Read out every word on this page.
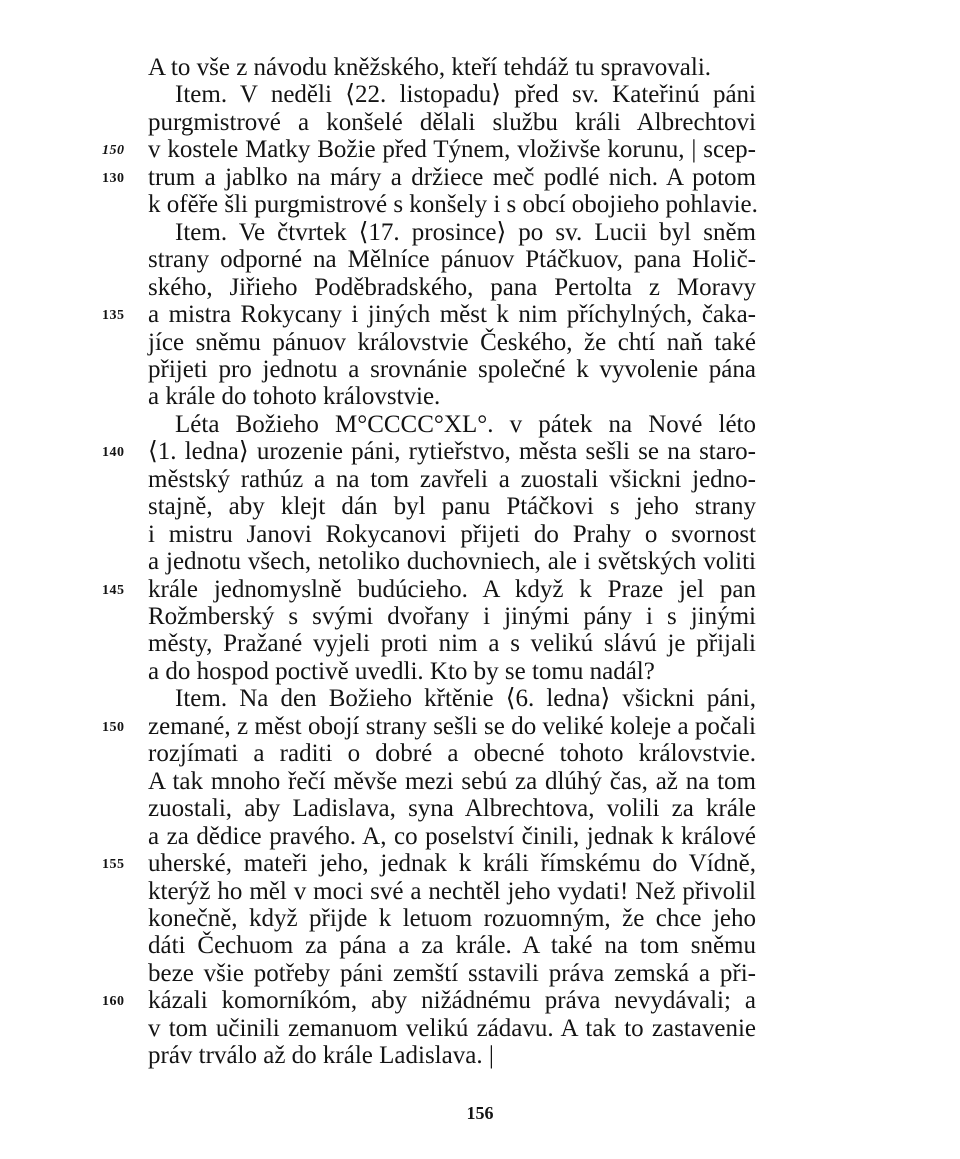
A to vše z návodu kněžského, kteří tehdáž tu spravovali.
Item. V neděli ⟨22. listopadu⟩ před sv. Kateřinú páni
purgmistrové a konšelé dělali službu králi Albrechtovi
v kostele Matky Božie před Týnem, vloživše korunu, | scep-
trum a jablko na máry a držiece meč podlé nich. A potom
k ofěře šli purgmistrové s konšely i s obcí obojieho pohlavie.
Item. Ve čtvrtek ⟨17. prosince⟩ po sv. Lucii byl sněm
strany odporné na Mělníce pánuov Ptáčkuov, pana Holič-
ského, Jiřieho Poděbradského, pana Pertolta z Moravy
a mistra Rokycany i jiných měst k nim příchylných, čaka-
jíce sněmu pánuov královstvie Českého, že chtí naň také
přijeti pro jednotu a srovnánie společné k vyvolenie pána
a krále do tohoto královstvie.
Léta Božieho M°CCCC°XL°. v pátek na Nové léto
⟨1. ledna⟩ urozenie páni, rytieřstvo, města sešli se na staro-
městský rathúz a na tom zavřeli a zuostali všickni jedno-
stajně, aby klejt dán byl panu Ptáčkovi s jeho strany
i mistru Janovi Rokycanovi přijeti do Prahy o svornost
a jednotu všech, netoliko duchovniech, ale i světských voliti
krále jednomyslně budúcieho. A když k Praze jel pan
Rožmberský s svými dvořany i jinými pány i s jinými
městy, Pražané vyjeli proti nim a s velikú slávú je přijali
a do hospod poctivě uvedli. Kto by se tomu nadál?
Item. Na den Božieho křtěnie ⟨6. ledna⟩ všickni páni,
zemané, z měst obojí strany sešli se do veliké koleje a počali
rozjímati a raditi o dobré a obecné tohoto královstvie.
A tak mnoho řečí měvše mezi sebú za dlúhý čas, až na tom
zuostali, aby Ladislava, syna Albrechtova, volili za krále
a za dědice pravého. A, co poselství činili, jednak k králové
uherské, mateři jeho, jednak k králi římskému do Vídně,
kterýž ho měl v moci své a nechtěl jeho vydati! Než přivolil
konečně, když přijde k letuom rozuomným, že chce jeho
dáti Čechuom za pána a za krále. A také na tom sněmu
beze všie potřeby páni zemští sstavili práva zemská a při-
kázali komorníkóm, aby nižádnému práva nevydávali; a
v tom učinili zemanuom velikú zádavu. A tak to zastavenie
práv trválo až do krále Ladislava. |
150
130
135
140
145
150
155
160
156
